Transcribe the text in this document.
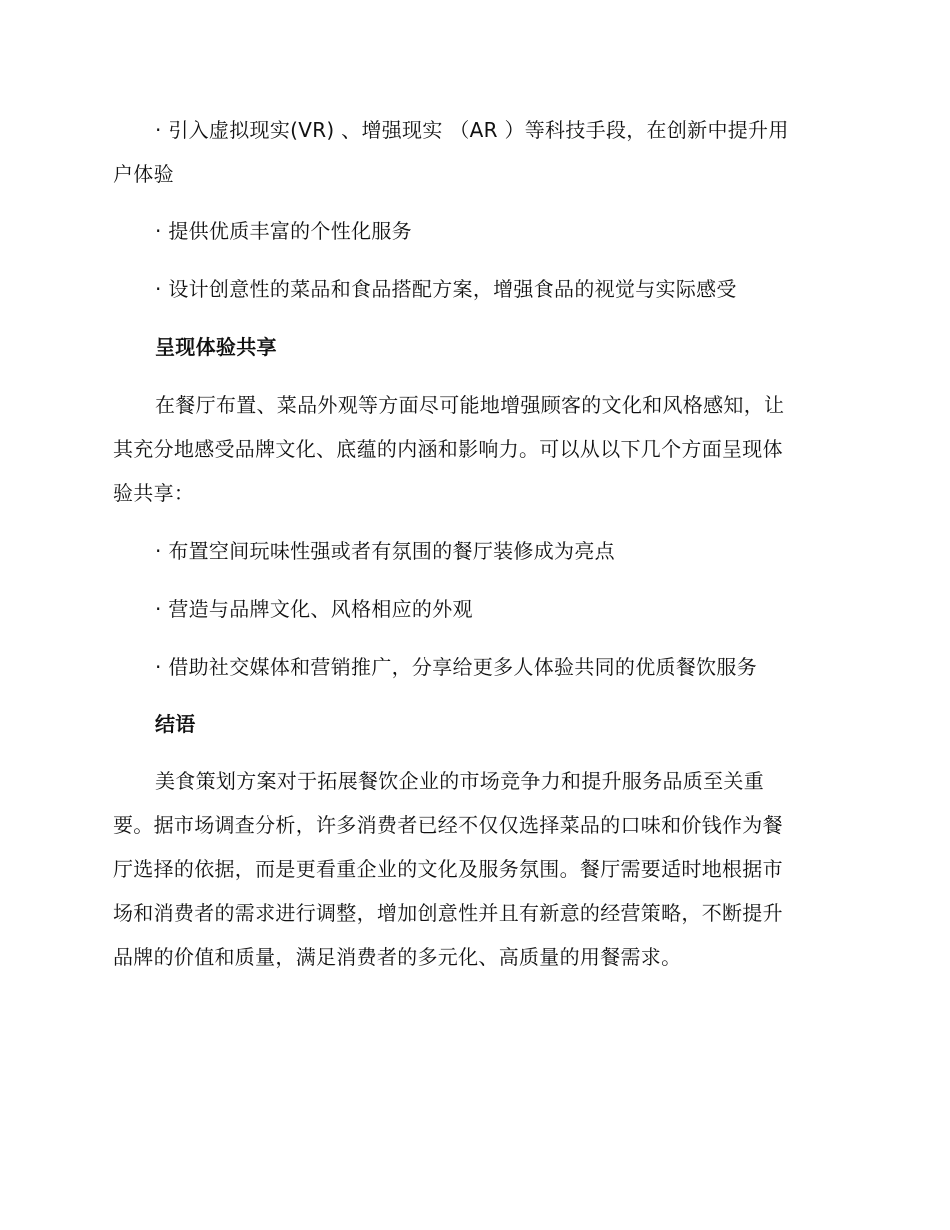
· 引入虚拟现实(VR) 、增强现实 （AR ）等科技手段，在创新中提升用
户体验
· 提供优质丰富的个性化服务
· 设计创意性的菜品和食品搭配方案，增强食品的视觉与实际感受
呈现体验共享
在餐厅布置、菜品外观等方面尽可能地增强顾客的文化和风格感知，让
其充分地感受品牌文化、底蕴的内涵和影响力。可以从以下几个方面呈现体
验共享：
· 布置空间玩味性强或者有氛围的餐厅装修成为亮点
· 营造与品牌文化、风格相应的外观
· 借助社交媒体和营销推广，分享给更多人体验共同的优质餐饮服务
结语
美食策划方案对于拓展餐饮企业的市场竞争力和提升服务品质至关重
要。据市场调查分析，许多消费者已经不仅仅选择菜品的口味和价钱作为餐
厅选择的依据，而是更看重企业的文化及服务氛围。餐厅需要适时地根据市
场和消费者的需求进行调整，增加创意性并且有新意的经营策略，不断提升
品牌的价值和质量，满足消费者的多元化、高质量的用餐需求。
